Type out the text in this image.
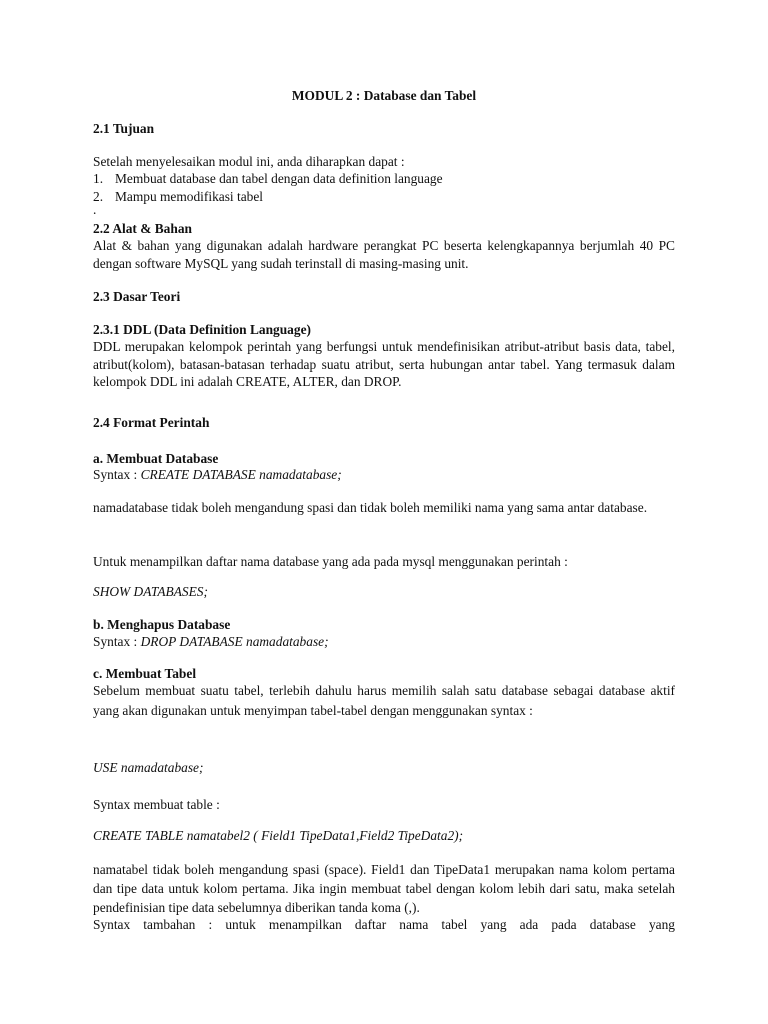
MODUL 2 : Database dan Tabel

2.1 Tujuan

Setelah menyelesaikan modul ini, anda diharapkan dapat :

1. Membuat database dan tabel dengan data definition language
2. Mampu memodifikasi tabel

.

2.2 Alat & Bahan

Alat & bahan yang digunakan adalah hardware perangkat PC beserta kelengkapannya berjumlah 40 PC dengan software MySQL yang sudah terinstall di masing-masing unit.

2.3 Dasar Teori

2.3.1 DDL (Data Definition Language)

DDL merupakan kelompok perintah yang berfungsi untuk mendefinisikan atribut-atribut basis data, tabel, atribut(kolom), batasan-batasan terhadap suatu atribut, serta hubungan antar tabel. Yang termasuk dalam kelompok DDL ini adalah CREATE, ALTER, dan DROP.

2.4 Format Perintah

a. Membuat Database

Syntax : CREATE DATABASE namadatabase;

namadatabase tidak boleh mengandung spasi dan tidak boleh memiliki nama yang sama antar database.

Untuk menampilkan daftar nama database yang ada pada mysql menggunakan perintah :

SHOW DATABASES;

b. Menghapus Database

Syntax : DROP DATABASE namadatabase;

c. Membuat Tabel

Sebelum membuat suatu tabel, terlebih dahulu harus memilih salah satu database sebagai database aktif yang akan digunakan untuk menyimpan tabel-tabel dengan menggunakan syntax :

USE namadatabase;

Syntax membuat table :

CREATE TABLE namatabel2 ( Field1 TipeData1,Field2 TipeData2);

namatabel tidak boleh mengandung spasi (space). Field1 dan TipeData1 merupakan nama kolom pertama dan tipe data untuk kolom pertama. Jika ingin membuat tabel dengan kolom lebih dari satu, maka setelah pendefinisian tipe data sebelumnya diberikan tanda koma (,).

Syntax tambahan : untuk menampilkan daftar nama tabel yang ada pada database yang
